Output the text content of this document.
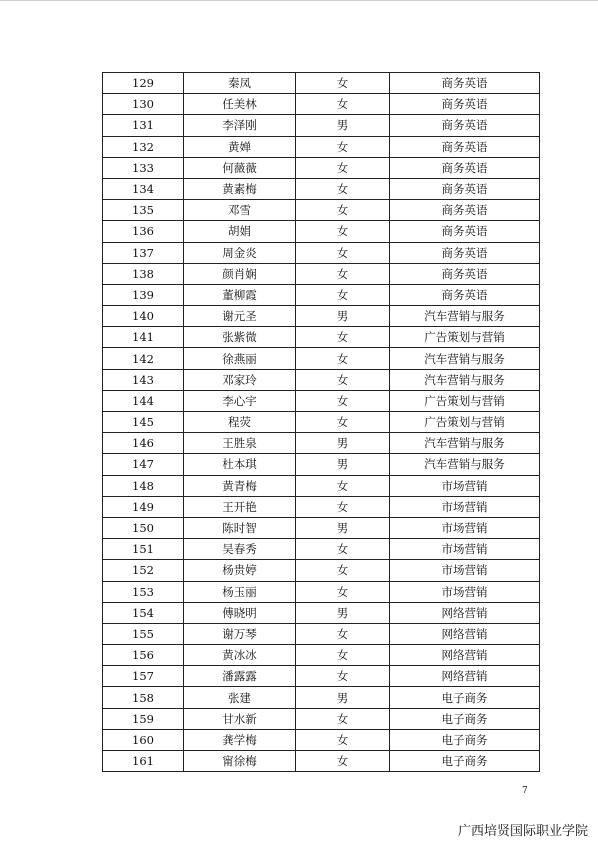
129	秦凤	女	商务英语
130	任美林	女	商务英语
131	李泽刚	男	商务英语
132	黄婵	女	商务英语
133	何薇薇	女	商务英语
134	黄素梅	女	商务英语
135	邓雪	女	商务英语
136	胡娟	女	商务英语
137	周金炎	女	商务英语
138	颜肖娴	女	商务英语
139	董柳霞	女	商务英语
140	谢元圣	男	汽车营销与服务
141	张紫微	女	广告策划与营销
142	徐燕丽	女	汽车营销与服务
143	邓家玲	女	汽车营销与服务
144	李心宇	女	广告策划与营销
145	程荧	女	广告策划与营销
146	王胜泉	男	汽车营销与服务
147	杜本琪	男	汽车营销与服务
148	黄青梅	女	市场营销
149	王开艳	女	市场营销
150	陈时智	男	市场营销
151	吴春秀	女	市场营销
152	杨贵婷	女	市场营销
153	杨玉丽	女	市场营销
154	傅晓明	男	网络营销
155	谢万琴	女	网络营销
156	黄冰冰	女	网络营销
157	潘露露	女	网络营销
158	张建	男	电子商务
159	甘水新	女	电子商务
160	龚学梅	女	电子商务
161	甯徐梅	女	电子商务
7
广西培贤国际职业学院
